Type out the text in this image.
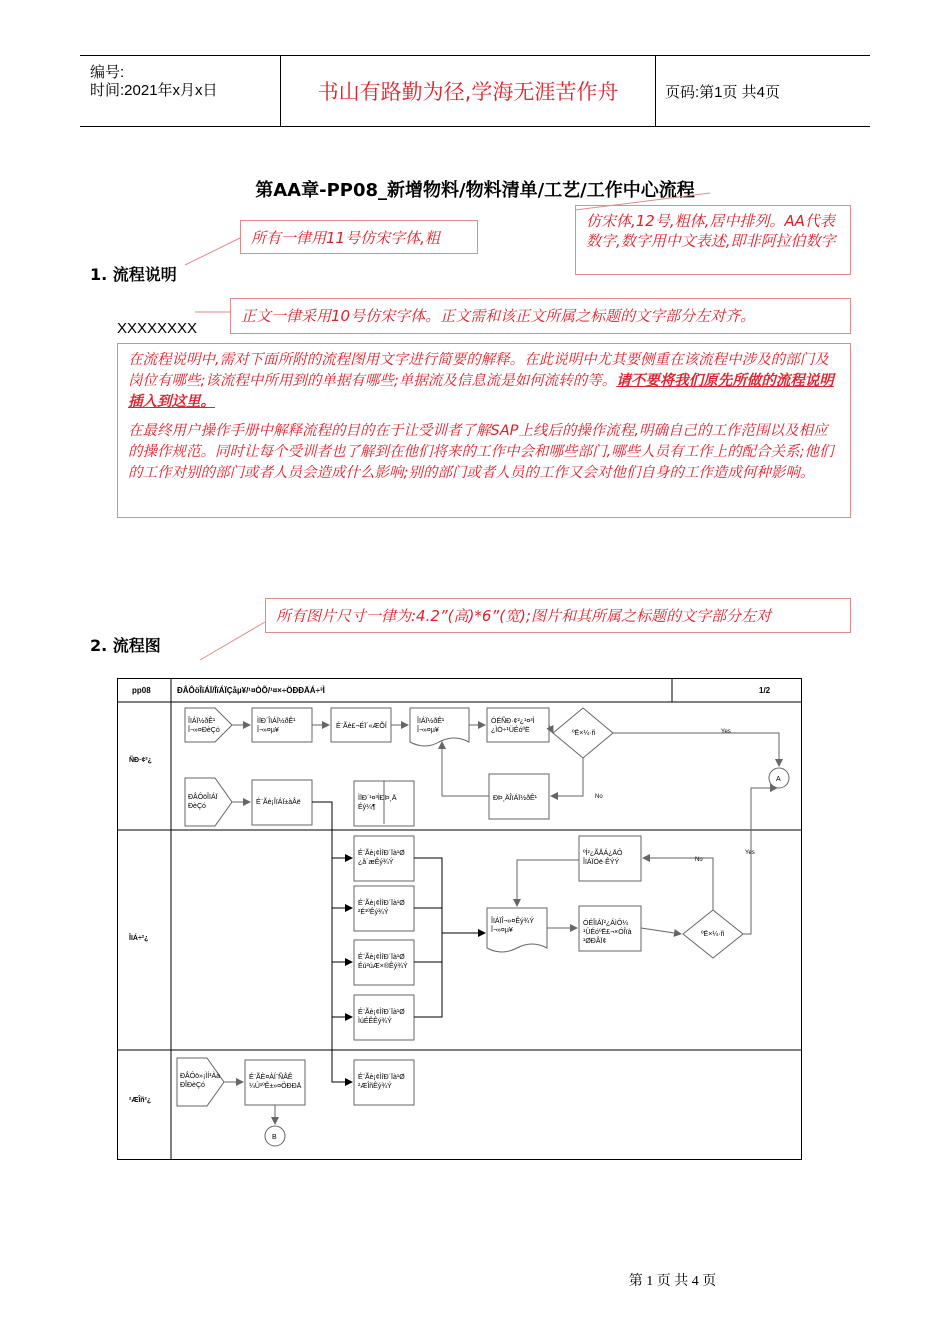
编号:
时间:2021年x月x日	书山有路勤为径,学海无涯苦作舟	页码:第1页 共4页
第AA章-PP08_新增物料/物料清单/工艺/工作中心流程
所有一律用11号仿宋字体,粗
仿宋体,12号,粗体,居中排列。AA代表数字,数字用中文表述,即非阿拉伯数字
1. 流程说明
正文一律采用10号仿宋字体。正文需和该正文所属之标题的文字部分左对齐。
XXXXXXXX

在流程说明中,需对下面所附的流程图用文字进行简要的解释。在此说明中尤其要侧重在该流程中涉及的部门及岗位有哪些;该流程中所用到的单据有哪些;单据流及信息流是如何流转的等。请不要将我们原先所做的流程说明插入到这里。

在最终用户操作手册中解释流程的目的在于让受训者了解SAP上线后的操作流程,明确自己的工作范围以及相应的操作规范。同时让每个受训者也了解到在他们将来的工作中会和哪些部门,哪些人员有工作上的配合关系;他们的工作对别的部门或者人员会造成什么影响;别的部门或者人员的工作又会对他们自身的工作造成何种影响。

所有图片尺寸一律为:4.2”(高)*6”(宽);图片和其所属之标题的文字部分左对
2. 流程图
pp08	ÐÂÔöÎïÁÏ/ÎïÁÏÇåµ¥/¹¤ÒÕ/¹¤×÷ÖÐÐÄÁ÷³Ì	1/2
ÑÐ·¢²¿
ÎïÁ÷²¿
²ÆÎñ²¿
ÎïÁÏ½ðÊ¹ Î¬»¤ÐèÇó
ÌîÐ´ÎïÁÏ½ðÊ¹ Î¬»¤µ¥
É¨Ãè£¬ÉÏ´«ÆÕÍ
ÎïÁÏ½ðÊ¹ Î¬»¤µ¥
ÓÉÑÐ·¢²¿¹¤³Ì ¿ÌÓ÷¹ÜÉóºË	ºË×¼·ñ
ÐÞ¸ÄÎïÁÏ½ðÊ¹
A
ÐÂÔöÎïÁÏ ÐèÇó
É¨Ãè¡ÎïÁÏ±àÂë
ÌîÐ´¹¤³ÌÐÞ¸Ä Éý¼¶
É¨Ãè¡¢ÌîÐ´Ïà¹Ø ¿â´æÊý¾Ý
É¨Ãè¡¢ÌîÐ´Ïà¹Ø ²É¹ºÊý¾Ý
É¨Ãè¡¢ÌîÐ´Ïà¹Ø Éú²úÆ×®Êý¾Ý
É¨Ãè¡¢ÌîÐ´Ïà¹Ø ÌúÉÊÊý¾Ý
ÎïÁÏÎ¬»¤Êý¾Ý Î¬»¤µ¥
ÓÉÎïÁÏ²¿ÁìÔ¼ ¹ÜÉóºË£¬×ÓÎïà ¹ØÐÂÏ¢
ºË×¼·ñ
ºÍ²¿ÃÅÁ¿ÄÔ ÎïÁÏÓë·ÊÝÝ
ÐÂÔö»¡ÌÍ¹Àà ÐÎÐèÇó
É¨ÃÈ¤ÀÍ¨ÑÂÊ ¼Û¹ºÊ±»¤ÖÐÐÄ
É¨Ãè¡¢ÌîÐ´Ïà¹Ø ²ÆÎñÊý¾Ý
B
Yes
No
Yes
No
第 1 页 共 4 页
